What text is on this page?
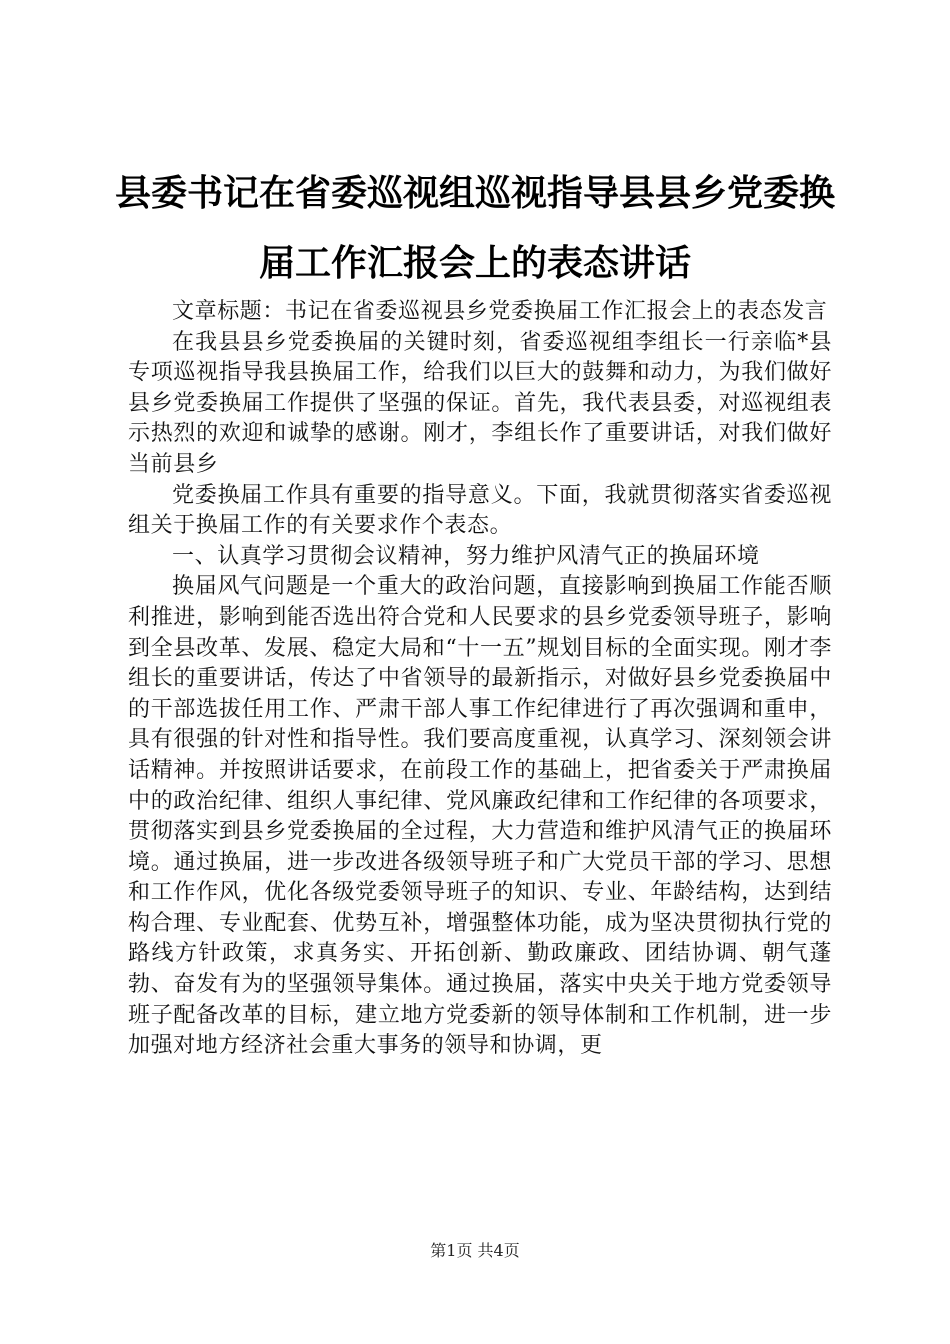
县委书记在省委巡视组巡视指导县县乡党委换
届工作汇报会上的表态讲话

文章标题：书记在省委巡视县乡党委换届工作汇报会上的表态发言

在我县县乡党委换届的关键时刻，省委巡视组李组长一行亲临*县专项巡视指导我县换届工作，给我们以巨大的鼓舞和动力，为我们做好县乡党委换届工作提供了坚强的保证。首先，我代表县委，对巡视组表示热烈的欢迎和诚挚的感谢。刚才，李组长作了重要讲话，对我们做好当前县乡

党委换届工作具有重要的指导意义。下面，我就贯彻落实省委巡视组关于换届工作的有关要求作个表态。

一、认真学习贯彻会议精神，努力维护风清气正的换届环境

换届风气问题是一个重大的政治问题，直接影响到换届工作能否顺利推进，影响到能否选出符合党和人民要求的县乡党委领导班子，影响到全县改革、发展、稳定大局和“十一五”规划目标的全面实现。刚才李组长的重要讲话，传达了中省领导的最新指示，对做好县乡党委换届中的干部选拔任用工作、严肃干部人事工作纪律进行了再次强调和重申，具有很强的针对性和指导性。我们要高度重视，认真学习、深刻领会讲话精神。并按照讲话要求，在前段工作的基础上，把省委关于严肃换届中的政治纪律、组织人事纪律、党风廉政纪律和工作纪律的各项要求，贯彻落实到县乡党委换届的全过程，大力营造和维护风清气正的换届环境。通过换届，进一步改进各级领导班子和广大党员干部的学习、思想和工作作风，优化各级党委领导班子的知识、专业、年龄结构，达到结构合理、专业配套、优势互补，增强整体功能，成为坚决贯彻执行党的路线方针政策，求真务实、开拓创新、勤政廉政、团结协调、朝气蓬勃、奋发有为的坚强领导集体。通过换届，落实中央关于地方党委领导班子配备改革的目标，建立地方党委新的领导体制和工作机制，进一步加强对地方经济社会重大事务的领导和协调，更

第1页 共4页
